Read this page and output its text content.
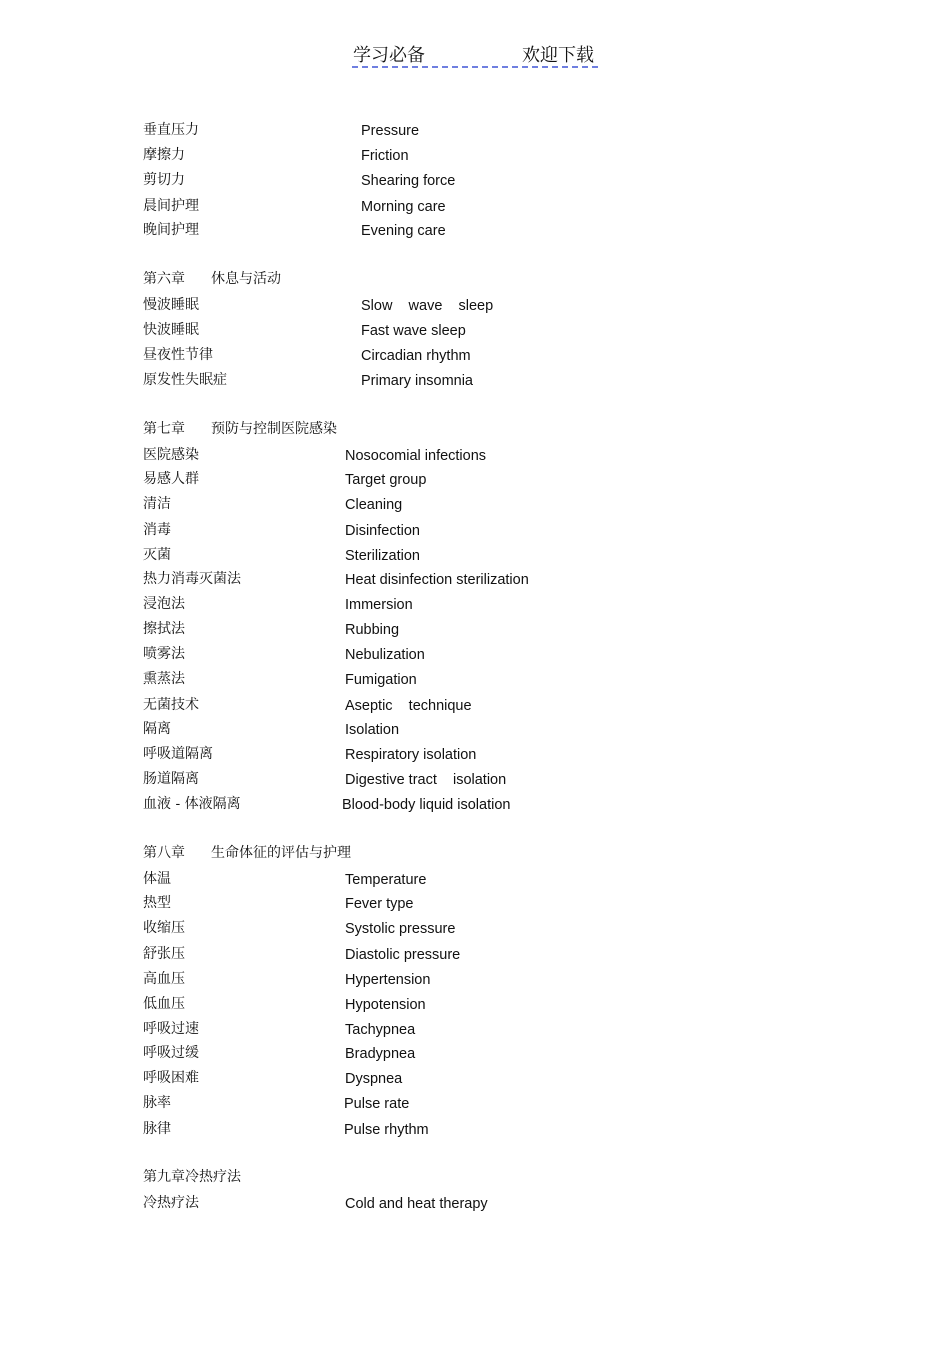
学习必备	欢迎下载
垂直压力	Pressure
摩擦力	Friction
剪切力	Shearing force
晨间护理	Morning care
晚间护理	Evening care
第六章 休息与活动
慢波睡眠	Slow    wave    sleep
快波睡眠	Fast wave sleep
昼夜性节律	Circadian rhythm
原发性失眠症	Primary insomnia
第七章 预防与控制医院感染
医院感染	Nosocomial infections
易感人群	Target group
清洁	Cleaning
消毒	Disinfection
灭菌	Sterilization
热力消毒灭菌法	Heat disinfection sterilization
浸泡法	Immersion
擦拭法	Rubbing
喷雾法	Nebulization
熏蒸法	Fumigation
无菌技术	Aseptic    technique
隔离	Isolation
呼吸道隔离	Respiratory isolation
肠道隔离	Digestive tract    isolation
血液 - 体液隔离	Blood-body liquid isolation
第八章 生命体征的评估与护理
体温	Temperature
热型	Fever type
收缩压	Systolic pressure
舒张压	Diastolic pressure
高血压	Hypertension
低血压	Hypotension
呼吸过速	Tachypnea
呼吸过缓	Bradypnea
呼吸困难	Dyspnea
脉率	Pulse rate
脉律	Pulse rhythm
第九章冷热疗法
冷热疗法	Cold and heat therapy
